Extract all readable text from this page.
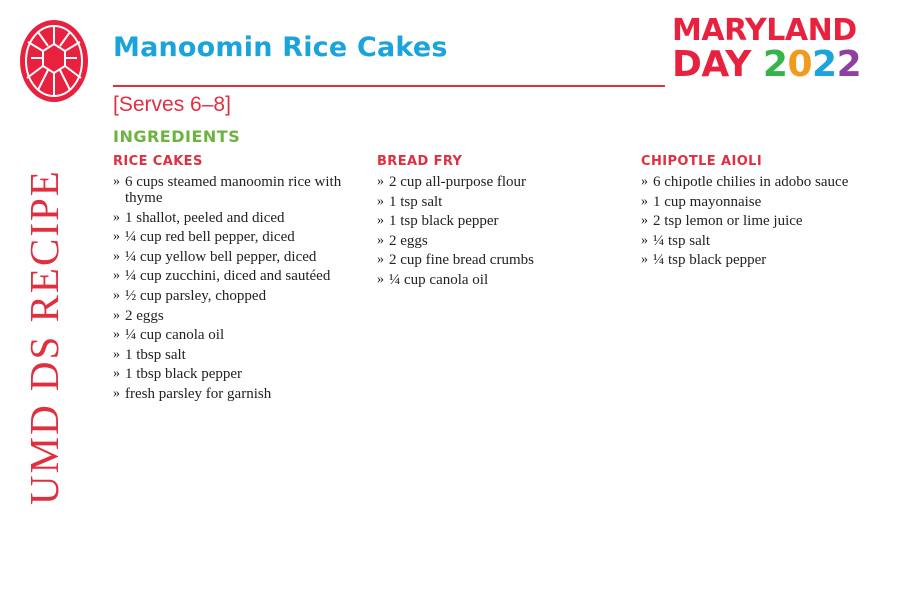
UMD DS RECIPE
Manoomin Rice Cakes
[Serves 6–8]
INGREDIENTS
RICE CAKES
» 6 cups steamed manoomin rice with thyme
» 1 shallot, peeled and diced
» ¼ cup red bell pepper, diced
» ¼ cup yellow bell pepper, diced
» ¼ cup zucchini, diced and sautéed
» ½ cup parsley, chopped
» 2 eggs
» ¼ cup canola oil
» 1 tbsp salt
» 1 tbsp black pepper
» fresh parsley for garnish
BREAD FRY
» 2 cup all-purpose flour
» 1 tsp salt
» 1 tsp black pepper
» 2 eggs
» 2 cup fine bread crumbs
» ¼ cup canola oil
CHIPOTLE AIOLI
» 6 chipotle chilies in adobo sauce
» 1 cup mayonnaise
» 2 tsp lemon or lime juice
» ¼ tsp salt
» ¼ tsp black pepper
MARYLAND
DAY 2022
